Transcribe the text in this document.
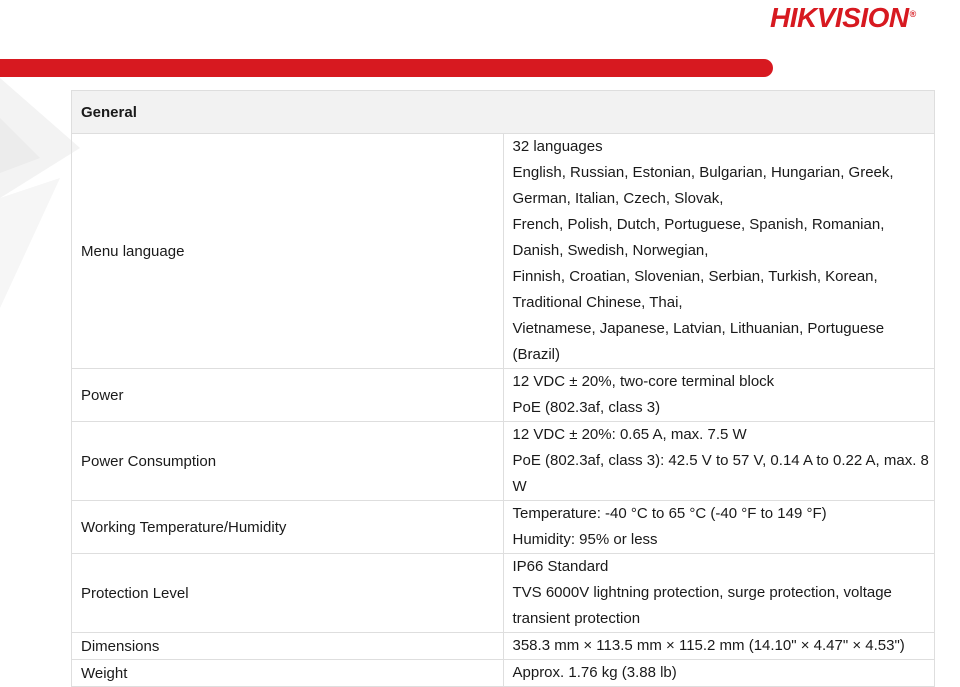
HIKVISION®
General	
Menu language	32 languages
English, Russian, Estonian, Bulgarian, Hungarian, Greek, German, Italian, Czech, Slovak,
French, Polish, Dutch, Portuguese, Spanish, Romanian, Danish, Swedish, Norwegian,
Finnish, Croatian, Slovenian, Serbian, Turkish, Korean, Traditional Chinese, Thai,
Vietnamese, Japanese, Latvian, Lithuanian, Portuguese (Brazil)

Power	12 VDC ± 20%, two-core terminal block
PoE (802.3af, class 3)

Power Consumption	12 VDC ± 20%: 0.65 A, max. 7.5 W
PoE (802.3af, class 3): 42.5 V to 57 V, 0.14 A to 0.22 A, max. 8 W

Working Temperature/Humidity	Temperature: -40 °C to 65 °C (-40 °F to 149 °F)
Humidity: 95% or less

Protection Level	IP66 Standard
TVS 6000V lightning protection, surge protection, voltage transient protection

Dimensions	358.3 mm × 113.5 mm × 115.2 mm (14.10" × 4.47" × 4.53")

Weight	Approx. 1.76 kg (3.88 lb)
